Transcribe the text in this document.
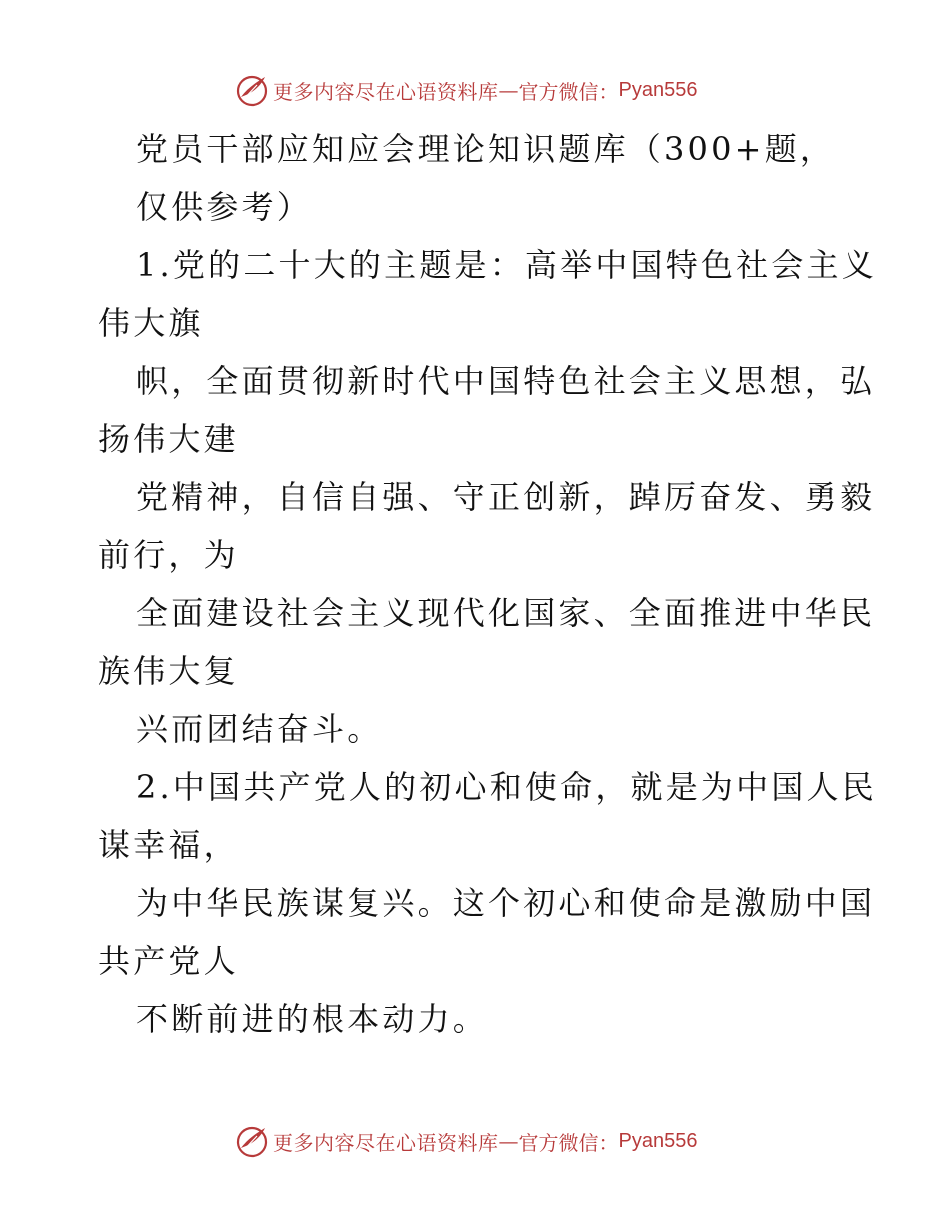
更多内容尽在心语资料库 — 官方微信： Pyan556
党员干部应知应会理论知识题库（300+题，
仅供参考）
1.党的二十大的主题是：高举中国特色社会主义
伟大旗
帜，全面贯彻新时代中国特色社会主义思想，弘
扬伟大建
党精神，自信自强、守正创新，踔厉奋发、勇毅
前行，为
全面建设社会主义现代化国家、全面推进中华民
族伟大复
兴而团结奋斗。
2.中国共产党人的初心和使命，就是为中国人民
谋幸福，
为中华民族谋复兴。这个初心和使命是激励中国
共产党人
不断前进的根本动力。
更多内容尽在心语资料库 — 官方微信： Pyan556
